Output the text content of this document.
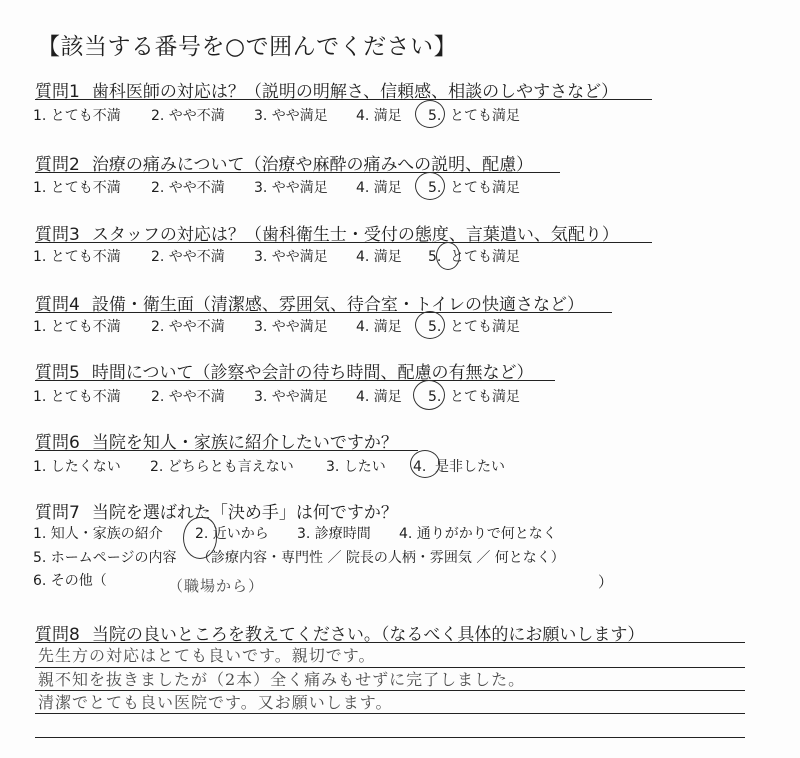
【該当する番号を○で囲んでください】
質問1 歯科医師の対応は？（説明の明解さ、信頼感、相談のしやすさなど）
1. とても不満 2. やや不満 3. やや満足 4. 満足 5. とても満足
質問2 治療の痛みについて（治療や麻酔の痛みへの説明、配慮）
1. とても不満 2. やや不満 3. やや満足 4. 満足 5. とても満足
質問3 スタッフの対応は？（歯科衛生士・受付の態度、言葉遣い、気配り）
1. とても不満 2. やや不満 3. やや満足 4. 満足 5. とても満足
質問4 設備・衛生面（清潔感、雰囲気、待合室・トイレの快適さなど）
1. とても不満 2. やや不満 3. やや満足 4. 満足 5. とても満足
質問5 時間について（診察や会計の待ち時間、配慮の有無など）
1. とても不満 2. やや不満 3. やや満足 4. 満足 5. とても満足
質問6 当院を知人・家族に紹介したいですか？
1. したくない 2. どちらとも言えない 3. したい 4. 是非したい
質問7 当院を選ばれた「決め手」は何ですか？
1. 知人・家族の紹介 2. 近いから 3. 診療時間 4. 通りがかりで何となく
5. ホームページの内容 （診療内容・専門性 ／ 院長の人柄・雰囲気 ／ 何となく）
6. その他（	）
（職場から）
質問8 当院の良いところを教えてください。（なるべく具体的にお願いします）
先生方の対応はとても良いです。親切です。
親不知を抜きましたが（2本）全く痛みもせずに完了しました。
清潔でとても良い医院です。又お願いします。
